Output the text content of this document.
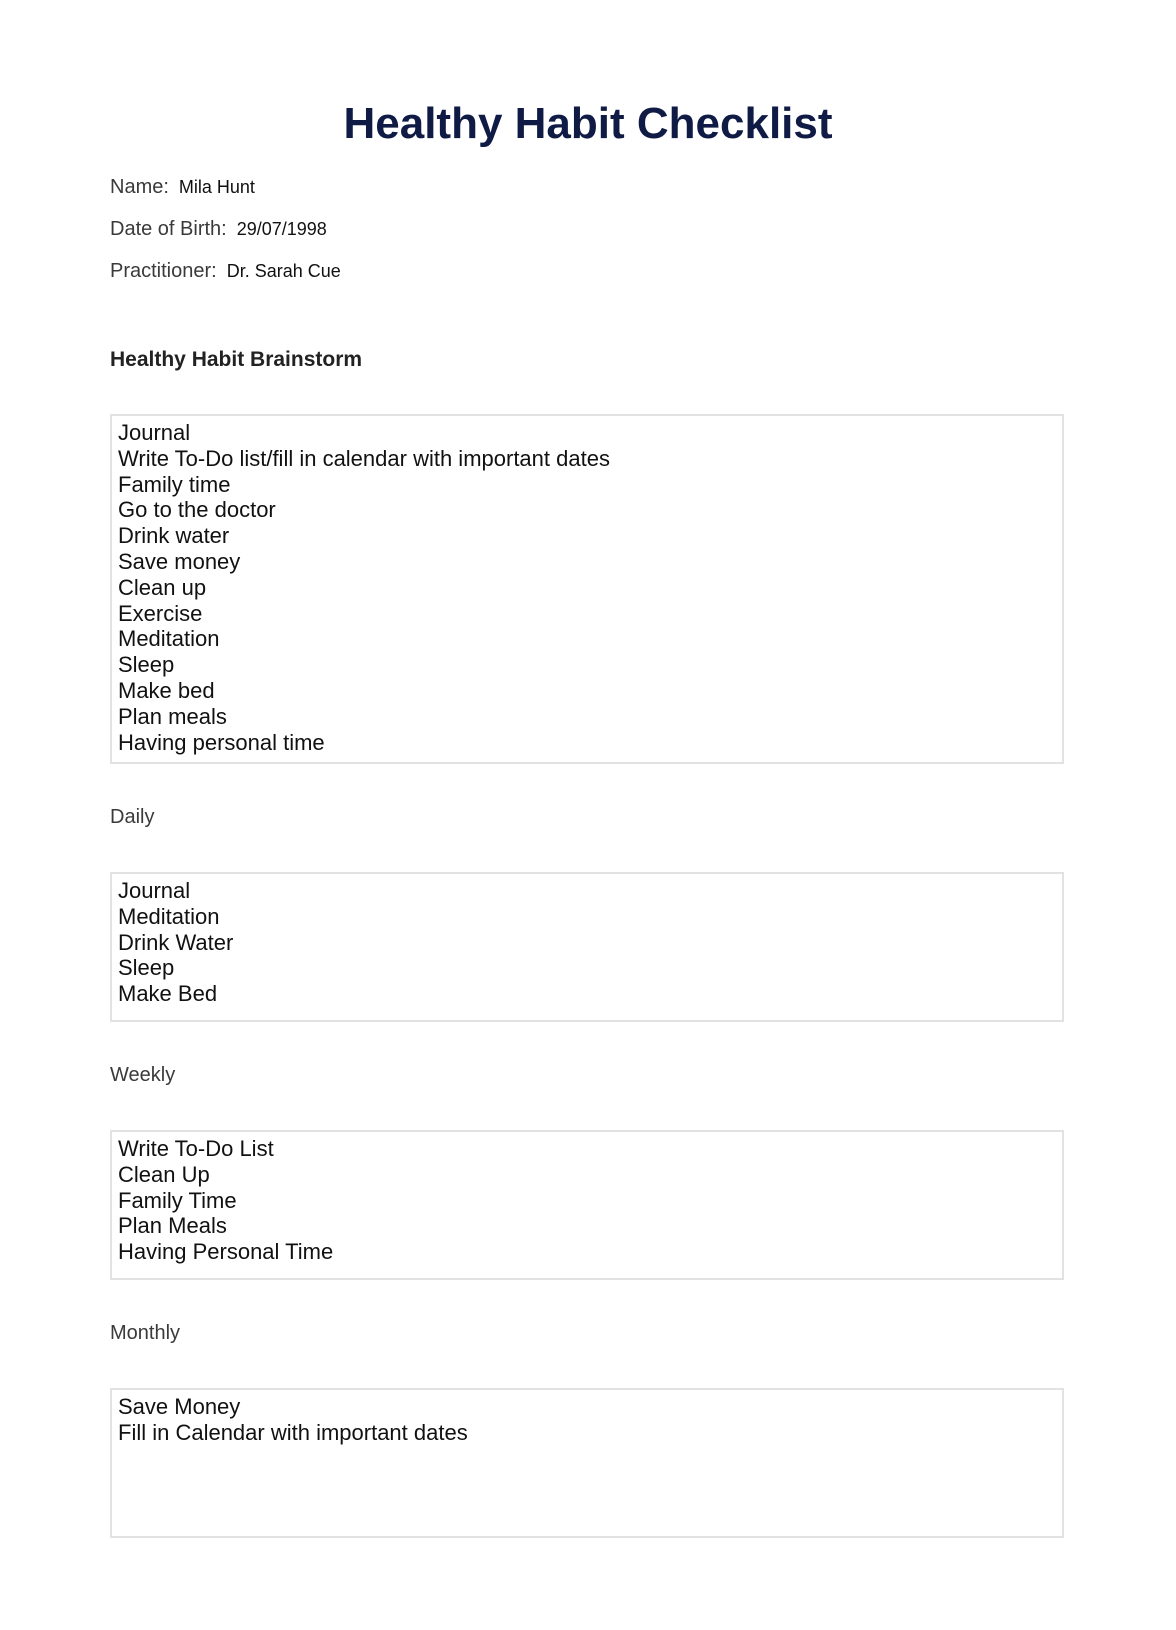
Healthy Habit Checklist
Name: Mila Hunt
Date of Birth: 29/07/1998
Practitioner: Dr. Sarah Cue
Healthy Habit Brainstorm
Journal
Write To-Do list/fill in calendar with important dates
Family time
Go to the doctor
Drink water
Save money
Clean up
Exercise
Meditation
Sleep
Make bed
Plan meals
Having personal time
Daily
Journal
Meditation
Drink Water
Sleep
Make Bed
Weekly
Write To-Do List
Clean Up
Family Time
Plan Meals
Having Personal Time
Monthly
Save Money
Fill in Calendar with important dates
